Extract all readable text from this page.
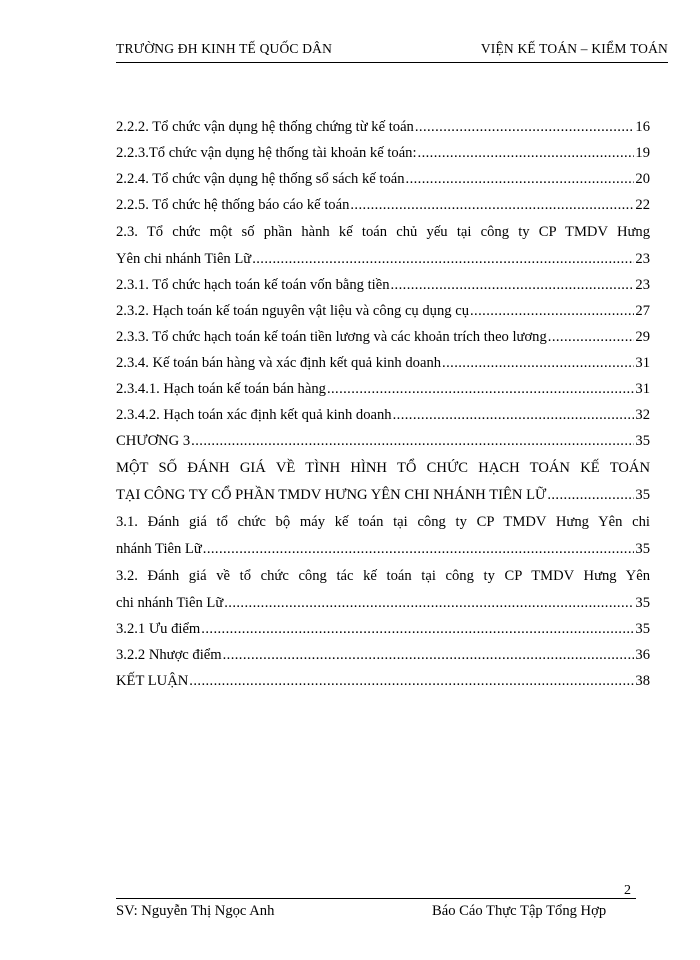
TRƯỜNG ĐH KINH TẾ QUỐC DÂN	VIỆN KẾ TOÁN – KIỂM TOÁN
2.2.2. Tổ chức vận dụng hệ thống chứng từ kế toán .....	16
2.2.3.Tổ chức vận dụng hệ thống tài khoản kế toán: .....	19
2.2.4. Tổ chức vận dụng hệ thống sổ sách kế toán .....	20
2.2.5. Tổ chức hệ thống báo cáo kế toán .....	22
2.3. Tổ chức một số phần hành kế toán chủ yếu tại công ty CP TMDV Hưng
Yên chi nhánh Tiên Lữ .....	23
2.3.1. Tổ chức hạch toán kế toán vốn bằng tiền .....	23
2.3.2. Hạch toán kế toán nguyên vật liệu và công cụ dụng cụ .....	27
2.3.3. Tổ chức hạch toán kế toán tiền lương và các khoản trích theo lương .....	29
2.3.4. Kế toán bán hàng và xác định kết quả kinh doanh .....	31
2.3.4.1. Hạch toán kế toán bán hàng .....	31
2.3.4.2. Hạch toán xác định kết quả kinh doanh .....	32
CHƯƠNG 3 .....	35
MỘT SỐ ĐÁNH GIÁ VỀ TÌNH HÌNH TỔ CHỨC HẠCH TOÁN KẾ TOÁN
TẠI CÔNG TY CỔ PHẦN TMDV HƯNG YÊN CHI NHÁNH TIÊN LỮ .....	35
3.1. Đánh giá tổ chức bộ máy kế toán tại công ty CP TMDV Hưng Yên chi
nhánh Tiên Lữ .....	35
3.2. Đánh giá về tổ chức công tác kế toán tại công ty CP TMDV Hưng Yên
chi nhánh Tiên Lữ .....	35
3.2.1 Ưu điểm .....	35
3.2.2 Nhược điểm .....	36
KẾT LUẬN .....	38
2
SV: Nguyễn Thị Ngọc Anh	Báo Cáo Thực Tập Tổng Hợp
